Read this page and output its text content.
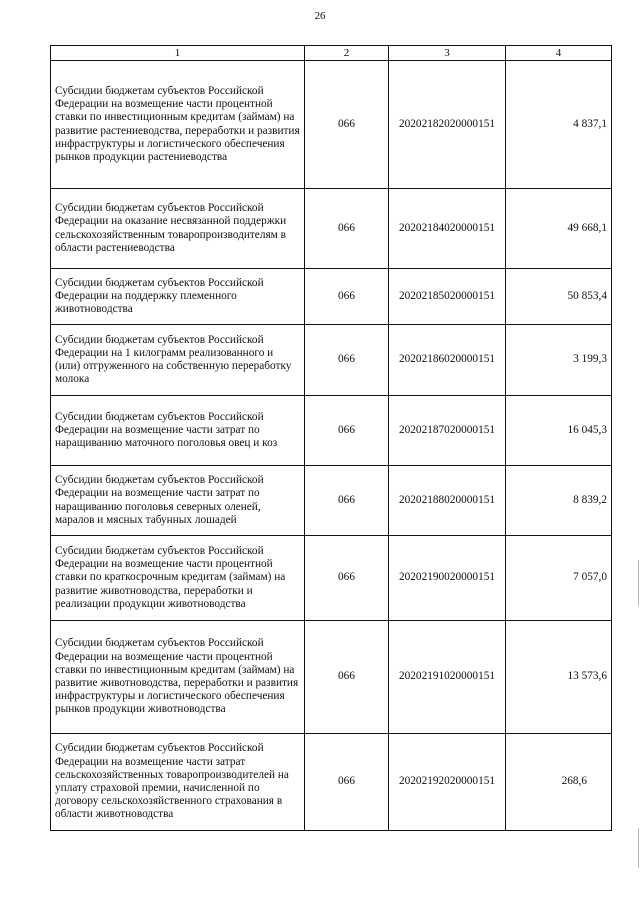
26
1	2	3	4
Субсидии бюджетам субъектов Российской Федерации на возмещение части процентной ставки по инвестиционным кредитам (займам) на развитие растениеводства, переработки и развития инфраструктуры и логистического обеспечения рынков продукции растениеводства	066	20202182020000151	4 837,1
Субсидии бюджетам субъектов Российской Федерации на оказание несвязанной поддержки сельскохозяйственным товаропроизводителям в области растениеводства	066	20202184020000151	49 668,1
Субсидии бюджетам субъектов Российской Федерации на поддержку племенного животноводства	066	20202185020000151	50 853,4
Субсидии бюджетам субъектов Российской Федерации на 1 килограмм реализованного и (или) отгруженного на собственную переработку молока	066	20202186020000151	3 199,3
Субсидии бюджетам субъектов Российской Федерации на возмещение части затрат по наращиванию маточного поголовья овец и коз	066	20202187020000151	16 045,3
Субсидии бюджетам субъектов Российской Федерации на возмещение части затрат по наращиванию поголовья северных оленей, маралов и мясных табунных лошадей	066	20202188020000151	8 839,2
Субсидии бюджетам субъектов Российской Федерации на возмещение части процентной ставки по краткосрочным кредитам (займам) на развитие животноводства, переработки и реализации продукции животноводства	066	20202190020000151	7 057,0
Субсидии бюджетам субъектов Российской Федерации на возмещение части процентной ставки по инвестиционным кредитам (займам) на развитие животноводства, переработки и развития инфраструктуры и логистического обеспечения рынков продукции животноводства	066	20202191020000151	13 573,6
Субсидии бюджетам субъектов Российской Федерации на возмещение части затрат сельскохозяйственных товаропроизводителей на уплату страховой премии, начисленной по договору сельскохозяйственного страхования в области животноводства	066	20202192020000151	268,6
